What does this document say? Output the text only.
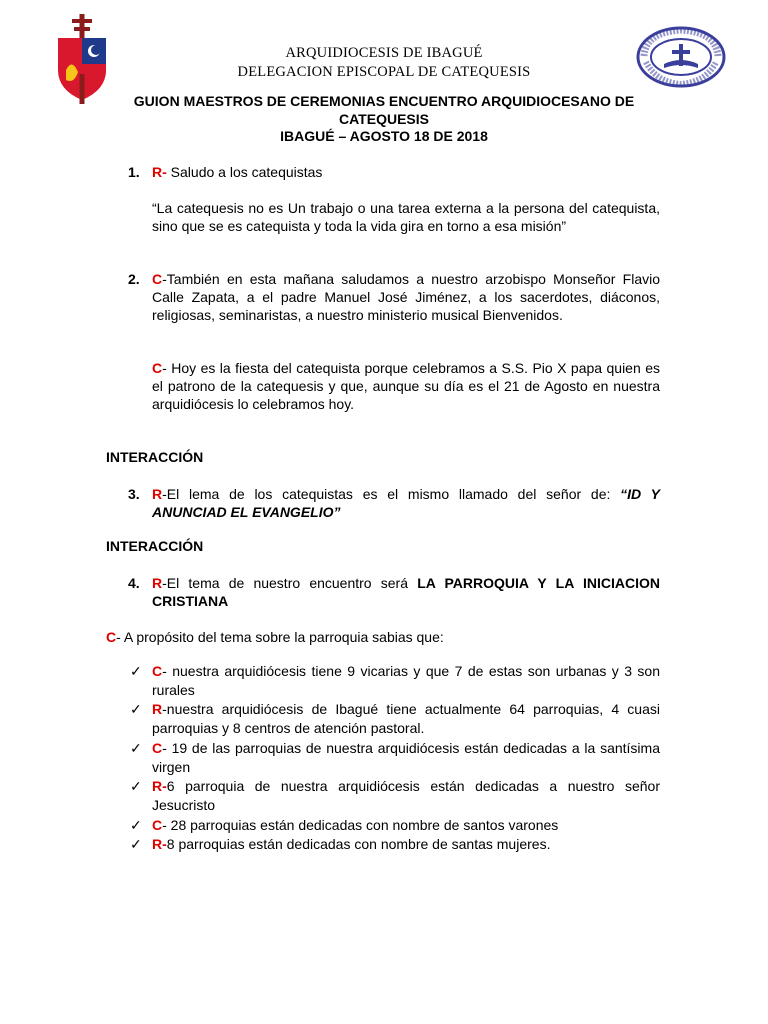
ARQUIDIOCESIS DE IBAGUÉ
DELEGACION EPISCOPAL DE CATEQUESIS
GUION MAESTROS DE CEREMONIAS ENCUENTRO ARQUIDIOCESANO DE
CATEQUESIS
IBAGUÉ – AGOSTO 18 DE 2018
1. R- Saludo a los catequistas
“La catequesis no es Un trabajo o una tarea externa a la persona del catequista, sino que se es catequista y toda la vida gira en torno a esa misión”
2. C-También en esta mañana saludamos a nuestro arzobispo Monseñor Flavio Calle Zapata, a el padre Manuel José Jiménez, a los sacerdotes, diáconos, religiosas, seminaristas, a nuestro ministerio musical Bienvenidos.
C- Hoy es la fiesta del catequista porque celebramos a S.S. Pio X papa quien es el patrono de la catequesis y que, aunque su día es el 21 de Agosto en nuestra arquidiócesis lo celebramos hoy.
INTERACCIÓN
3. R-El lema de los catequistas es el mismo llamado del señor de: “ID Y ANUNCIAD EL EVANGELIO”
INTERACCIÓN
4. R-El tema de nuestro encuentro será LA PARROQUIA Y LA INICIACION CRISTIANA
C- A propósito del tema sobre la parroquia sabias que:
✓ C- nuestra arquidiócesis tiene 9 vicarias y que 7 de estas son urbanas y 3 son rurales
✓ R-nuestra arquidiócesis de Ibagué tiene actualmente 64 parroquias, 4 cuasi parroquias y 8 centros de atención pastoral.
✓ C- 19 de las parroquias de nuestra arquidiócesis están dedicadas a la santísima virgen
✓ R-6 parroquia de nuestra arquidiócesis están dedicadas a nuestro señor Jesucristo
✓ C- 28 parroquias están dedicadas con nombre de santos varones
✓ R-8 parroquias están dedicadas con nombre de santas mujeres.
